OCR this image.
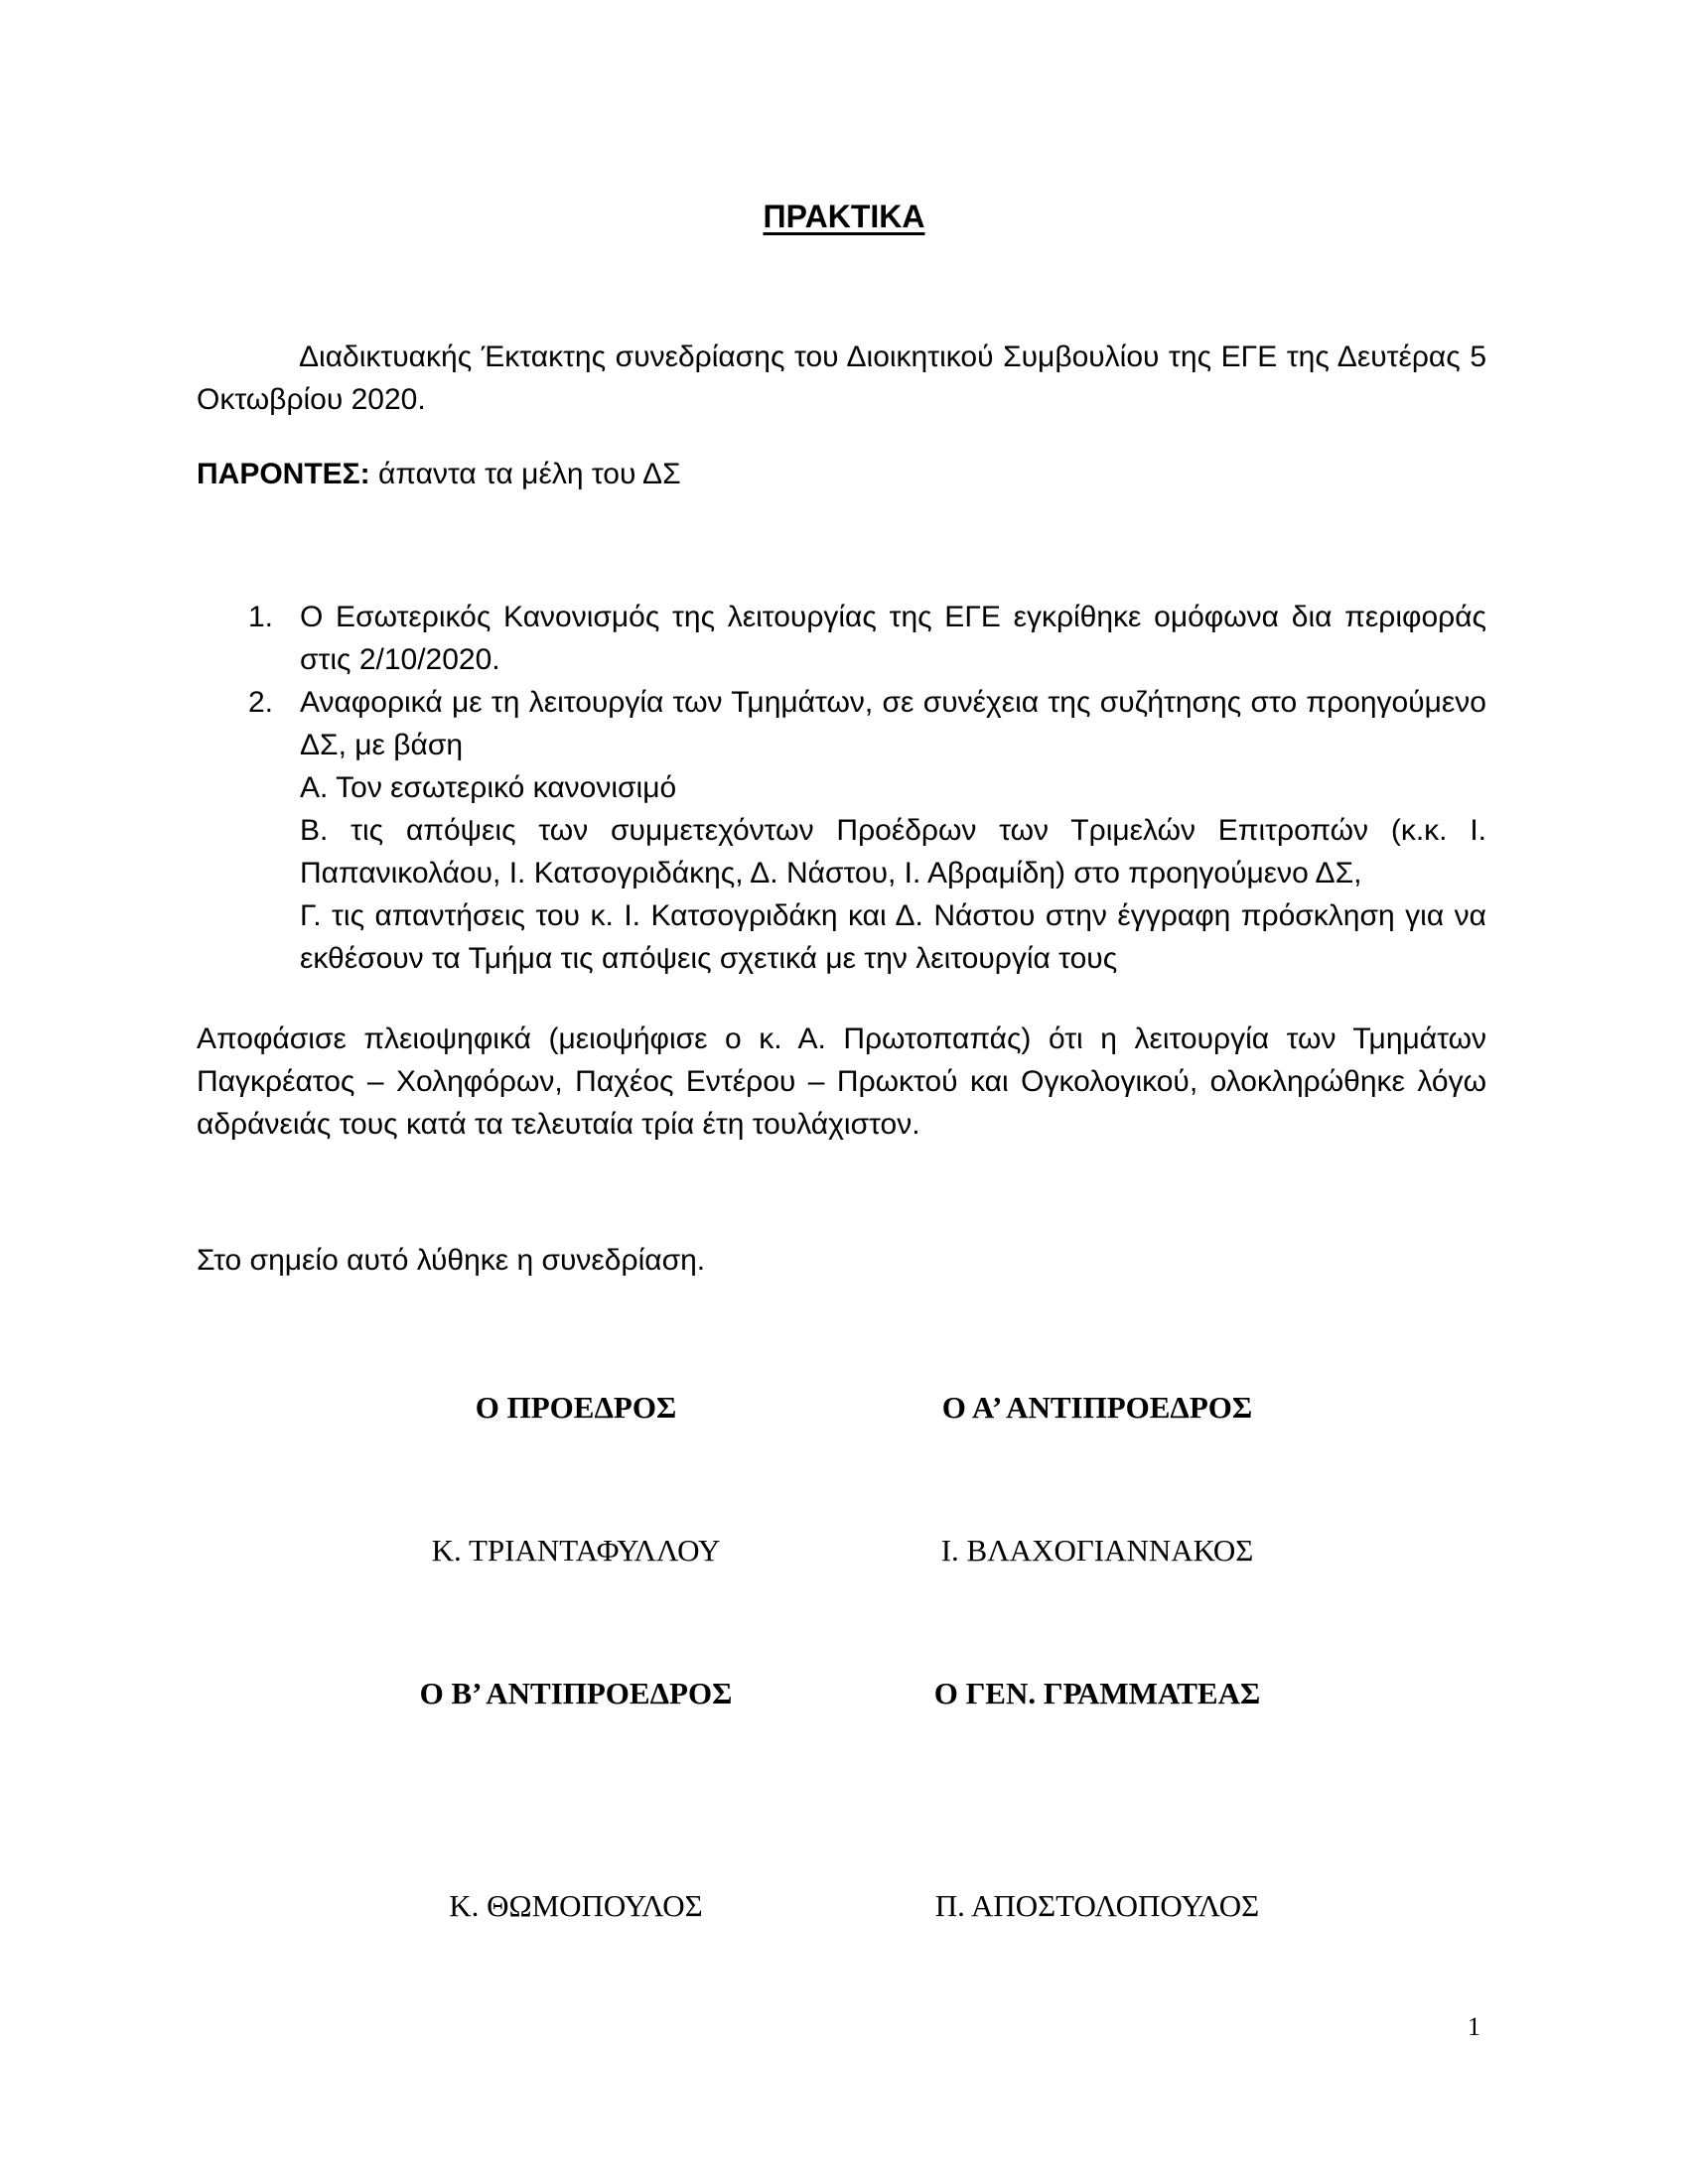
ΠΡΑΚΤΙΚΑ
Διαδικτυακής Έκτακτης συνεδρίασης του Διοικητικού Συμβουλίου της ΕΓΕ της Δευτέρας 5 Οκτωβρίου 2020.
ΠΑΡΟΝΤΕΣ: άπαντα τα μέλη του ΔΣ
1. Ο Εσωτερικός Κανονισμός της λειτουργίας της ΕΓΕ εγκρίθηκε ομόφωνα δια περιφοράς στις 2/10/2020.
2. Αναφορικά με τη λειτουργία των Τμημάτων, σε συνέχεια της συζήτησης στο προηγούμενο ΔΣ, με βάση
Α. Τον εσωτερικό κανονισιμό
Β. τις απόψεις των συμμετεχόντων Προέδρων των Τριμελών Επιτροπών (κ.κ. Ι. Παπανικολάου, Ι. Κατσογριδάκης, Δ. Νάστου, Ι. Αβραμίδη) στο προηγούμενο ΔΣ,
Γ. τις απαντήσεις του κ. Ι. Κατσογριδάκη και Δ. Νάστου στην έγγραφη πρόσκληση για να εκθέσουν τα Τμήμα τις απόψεις σχετικά με την λειτουργία τους
Αποφάσισε πλειοψηφικά (μειοψήφισε ο κ. Α. Πρωτοπαπάς) ότι η λειτουργία των Τμημάτων Παγκρέατος – Χοληφόρων, Παχέος Εντέρου – Πρωκτού και Ογκολογικού, ολοκληρώθηκε λόγω αδράνειάς τους κατά τα τελευταία τρία έτη τουλάχιστον.
Στο σημείο αυτό λύθηκε η συνεδρίαση.
Ο ΠΡΟΕΔΡΟΣ	Ο Α’ ΑΝΤΙΠΡΟΕΔΡΟΣ
Κ. ΤΡΙΑΝΤΑΦΥΛΛΟΥ	Ι. ΒΛΑΧΟΓΙΑΝΝΑΚΟΣ
Ο Β’ ΑΝΤΙΠΡΟΕΔΡΟΣ	Ο ΓΕΝ. ΓΡΑΜΜΑΤΕΑΣ
Κ. ΘΩΜΟΠΟΥΛΟΣ	Π. ΑΠΟΣΤΟΛΟΠΟΥΛΟΣ
1
